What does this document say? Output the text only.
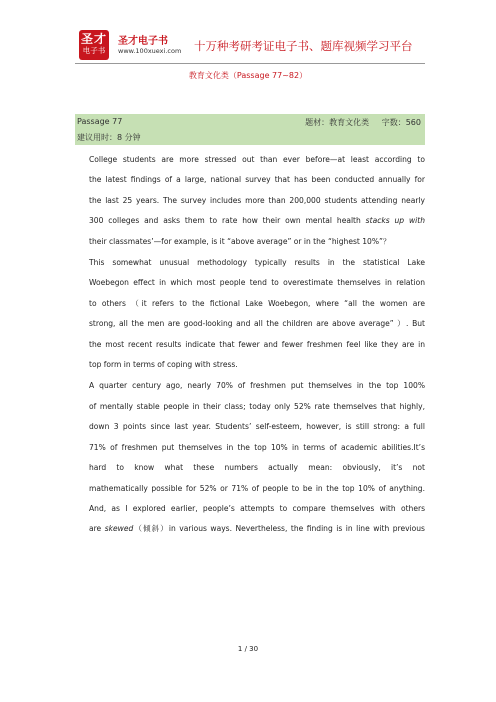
圣才
电子书
圣才电子书
www.100xuexi.com 十万种考研考证电子书、题库视频学习平台
教育文化类（Passage 77~82）
Passage 77	题材：教育文化类 字数：560
建议用时：8 分钟

College students are more stressed out than ever before—at least according to
the latest findings of a large, national survey that has been conducted annually for
the last 25 years. The survey includes more than 200,000 students attending nearly
300 colleges and asks them to rate how their own mental health stacks up with
their classmates’—for example, is it “above average” or in the “highest 10%”？

This somewhat unusual methodology typically results in the statistical Lake
Woebegon effect in which most people tend to overestimate themselves in relation
to others （it refers to the fictional Lake Woebegon, where “all the women are
strong, all the men are good-looking and all the children are above average” ）. But
the most recent results indicate that fewer and fewer freshmen feel like they are in
top form in terms of coping with stress.

A quarter century ago, nearly 70% of freshmen put themselves in the top 100%
of mentally stable people in their class; today only 52% rate themselves that highly,
down 3 points since last year. Students’ self-esteem, however, is still strong: a full
71% of freshmen put themselves in the top 10% in terms of academic abilities.It’s
hard to know what these numbers actually mean: obviously, it’s not
mathematically possible for 52% or 71% of people to be in the top 10% of anything.
And, as I explored earlier, people’s attempts to compare themselves with others
are skewed（倾斜）in various ways. Nevertheless, the finding is in line with previous

1 / 30
